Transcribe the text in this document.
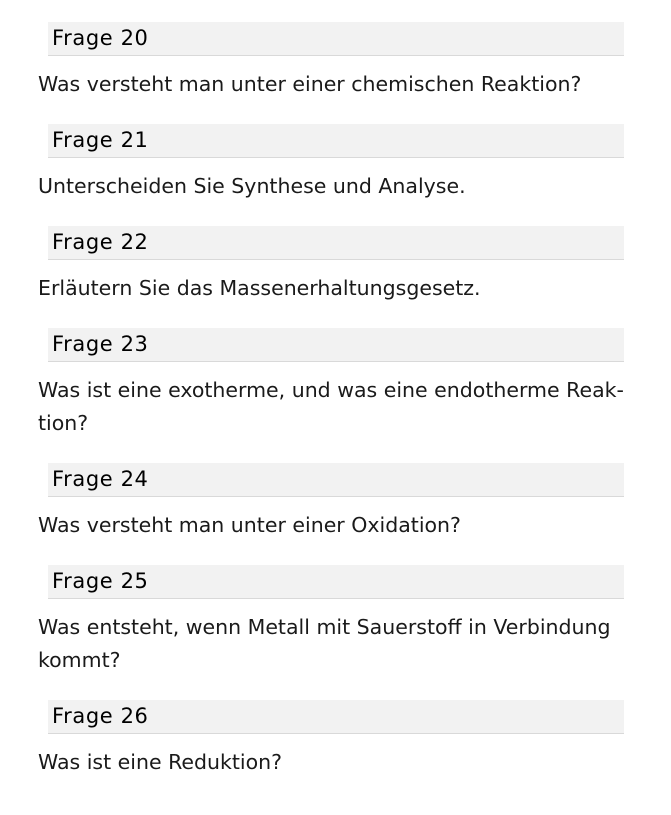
Frage 20

Was versteht man unter einer chemischen Reaktion?

Frage 21

Unterscheiden Sie Synthese und Analyse.

Frage 22

Erläutern Sie das Massenerhaltungsgesetz.

Frage 23

Was ist eine exotherme, und was eine endotherme Reak-
tion?

Frage 24

Was versteht man unter einer Oxidation?

Frage 25

Was entsteht, wenn Metall mit Sauerstoff in Verbindung
kommt?

Frage 26

Was ist eine Reduktion?
